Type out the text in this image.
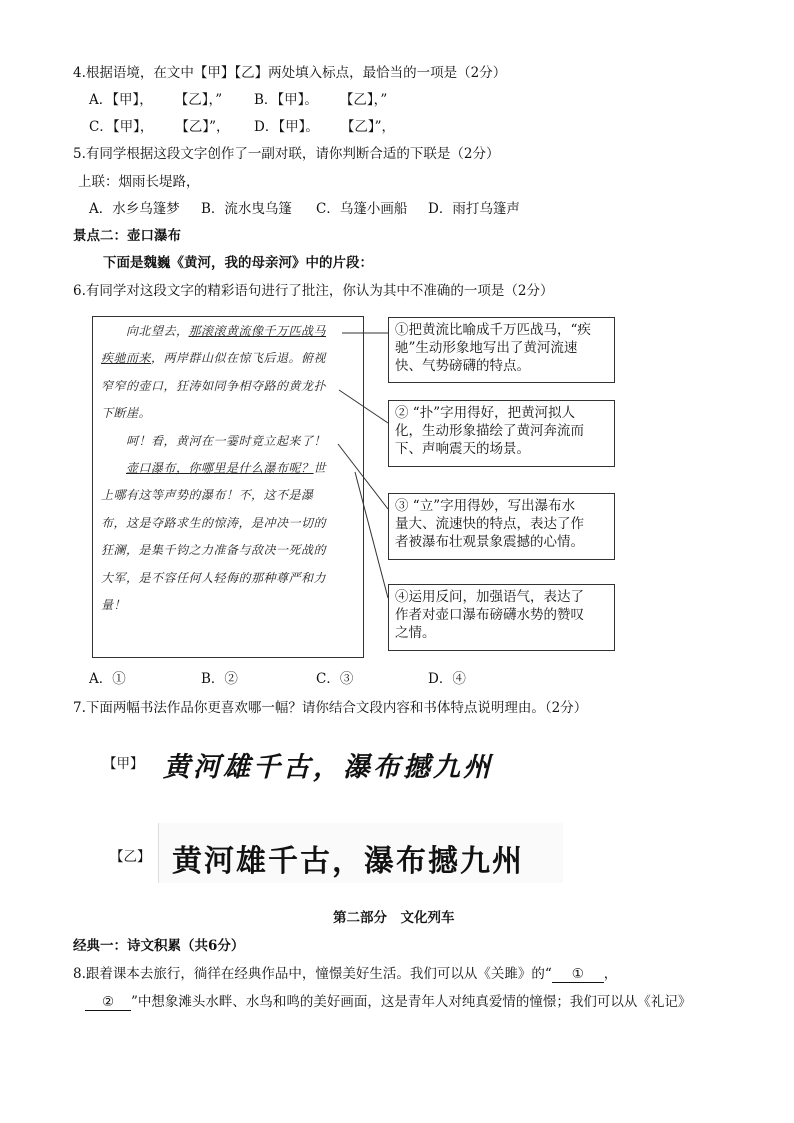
4.根据语境，在文中【甲】【乙】两处填入标点，最恰当的一项是（2分）
A．【甲】， 【乙】，” B．【甲】。 【乙】，”
C．【甲】， 【乙】”， D．【甲】。 【乙】”，
5.有同学根据这段文字创作了一副对联，请你判断合适的下联是（2分）
上联：烟雨长堤路，
A．水乡乌篷梦 B．流水曳乌篷 C．乌篷小画船 D．雨打乌篷声
景点二：壶口瀑布
下面是魏巍《黄河，我的母亲河》中的片段：
6.有同学对这段文字的精彩语句进行了批注，你认为其中不准确的一项是（2分）
　　向北望去，那滚滚黄流像千万匹战马
疾驰而来，两岸群山似在惊飞后退。俯视
窄窄的壶口，狂涛如同争相夺路的黄龙扑
下断崖。
　　呵！看，黄河在一霎时竟立起来了！
　　壶口瀑布，你哪里是什么瀑布呢？世
上哪有这等声势的瀑布！不，这不是瀑
布，这是夺路求生的惊涛，是冲决一切的
狂澜，是集千钧之力准备与敌决一死战的
大军，是不容任何人轻侮的那种尊严和力
量！
①把黄流比喻成千万匹战马，“疾
驰”生动形象地写出了黄河流速
快、气势磅礴的特点。
② “扑”字用得好，把黄河拟人
化，生动形象描绘了黄河奔流而
下、声响震天的场景。
③ “立”字用得妙，写出瀑布水
量大、流速快的特点，表达了作
者被瀑布壮观景象震撼的心情。
④运用反问，加强语气，表达了
作者对壶口瀑布磅礴水势的赞叹
之情。
A．①	B．②	C．③	D．④
7.下面两幅书法作品你更喜欢哪一幅？请你结合文段内容和书体特点说明理由。（2分）
【甲】 黄河雄千古，瀑布撼九州
【乙】 黄河雄千古，瀑布撼九州
第二部分　文化列车
经典一：诗文积累（共6分）
8.跟着课本去旅行，徜徉在经典作品中，憧憬美好生活。我们可以从《关雎》的“ ① ，
② ”中想象滩头水畔、水鸟和鸣的美好画面，这是青年人对纯真爱情的憧憬；我们可以从《礼记》
